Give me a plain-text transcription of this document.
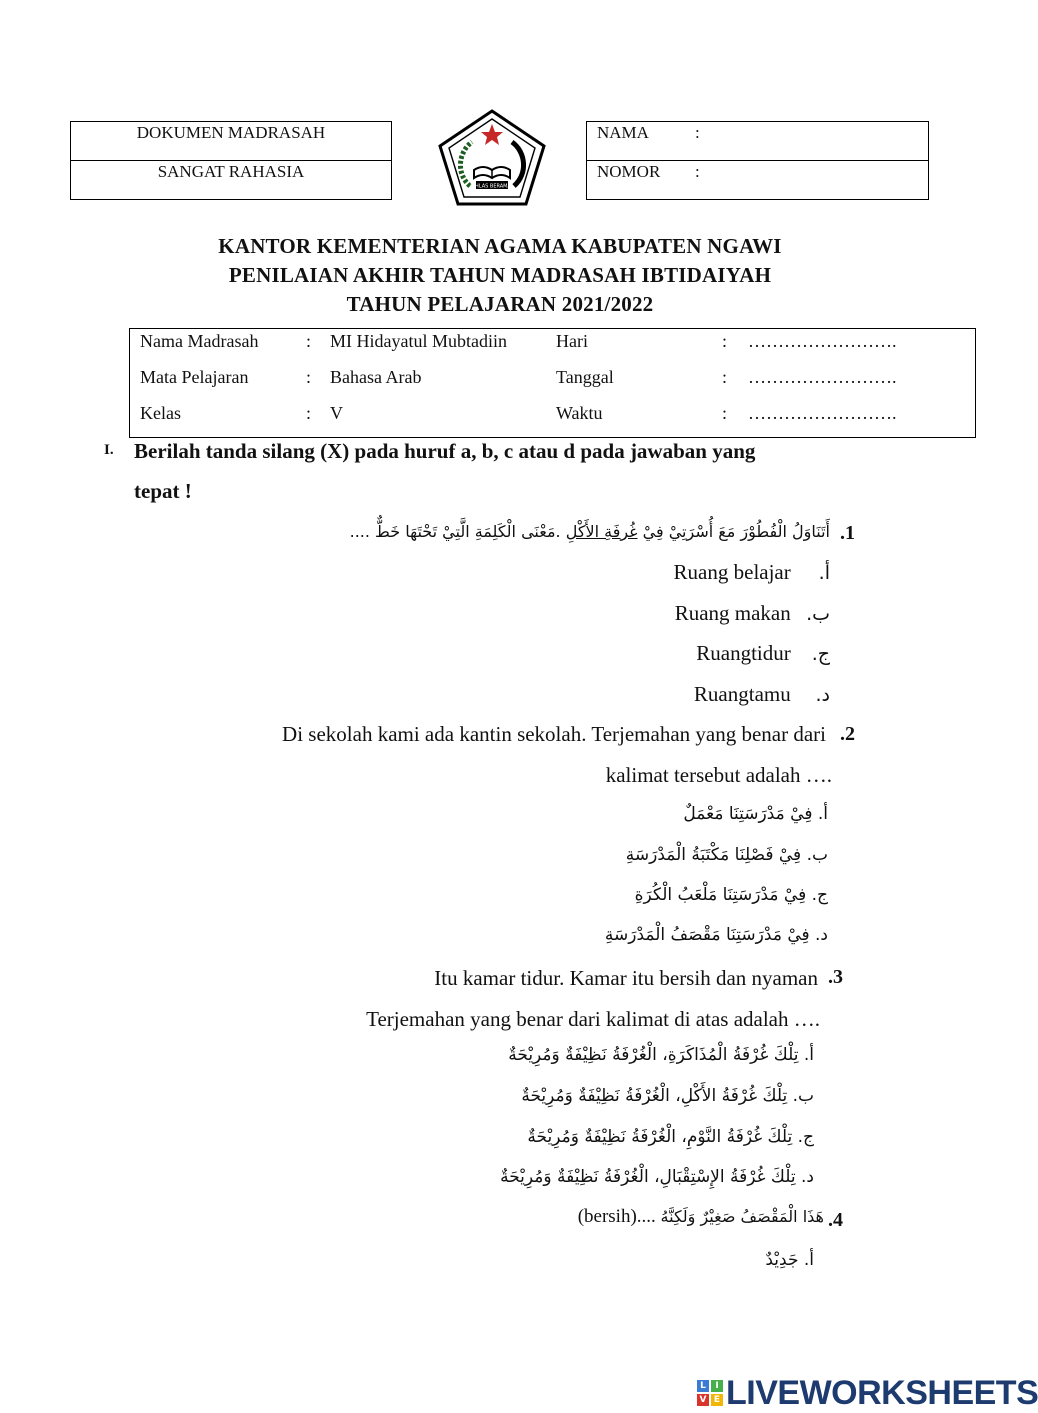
DOKUMEN MADRASAH
SANGAT RAHASIA
NAMA	:
NOMOR :
IKHLAS BERAMAL
KANTOR KEMENTERIAN AGAMA KABUPATEN NGAWI
PENILAIAN AKHIR TAHUN MADRASAH IBTIDAIYAH
TAHUN PELAJARAN 2021/2022
Nama Madrasah	: MI Hidayatul Mubtadiin	Hari	: …………………….
Mata Pelajaran	: Bahasa Arab	Tanggal	: …………………….
Kelas	: V	Waktu	: …………………….
I. Berilah tanda silang (X) pada huruf a, b, c atau d pada jawaban yang
tepat !
.1
أَتَنَاوَلُ الْفُطُوْرَ مَعَ أُسْرَتِيْ فِيْ غُرفَةِ الأَكْلِ .مَعْنَى الْكَلِمَةِ الَّتِيْ تَحْتَهَا خَطٌّ ....
Ruang belajar أ.
Ruang makan ب.
Ruangtidur ج.
Ruangtamu د.
.2
Di sekolah kami ada kantin sekolah. Terjemahan yang benar dari
kalimat tersebut adalah ….
أ. فِيْ مَدْرَسَتِنَا مَعْمَلٌ
ب. فِيْ فَصْلِنَا مَكْتَبَةُ الْمَدْرَسَةِ
ج. فِيْ مَدْرَسَتِنَا مَلْعَبُ الْكُرَةِ
د. فِيْ مَدْرَسَتِنَا مَقْصَفُ الْمَدْرَسَةِ
.3
Itu kamar tidur. Kamar itu bersih dan nyaman
Terjemahan yang benar dari kalimat di atas adalah ….
أ. تِلْكَ غُرْفَةُ الْمُذَاكَرَةِ، الْغُرْفَةُ نَظِيْفَةٌ وَمُرِيْحَةٌ
ب. تِلْكَ غُرْفَةُ الأَكْلِ، الْغُرْفَةُ نَظِيْفَةٌ وَمُرِيْحَةٌ
ج. تِلْكَ غُرْفَةُ النَّوْمِ، الْغُرْفَةُ نَظِيْفَةٌ وَمُرِيْحَةٌ
د. تِلْكَ غُرْفَةُ الإِسْتِقْبَالِ، الْغُرْفَةُ نَظِيْفَةٌ وَمُرِيْحَةٌ
.4
(bersih).... هَذَا الْمَقْصَفُ صَغِيْرٌ وَلَكِنَّهُ
أ. جَدِيْدٌ
L	I
V E LIVEWORKSHEETS
